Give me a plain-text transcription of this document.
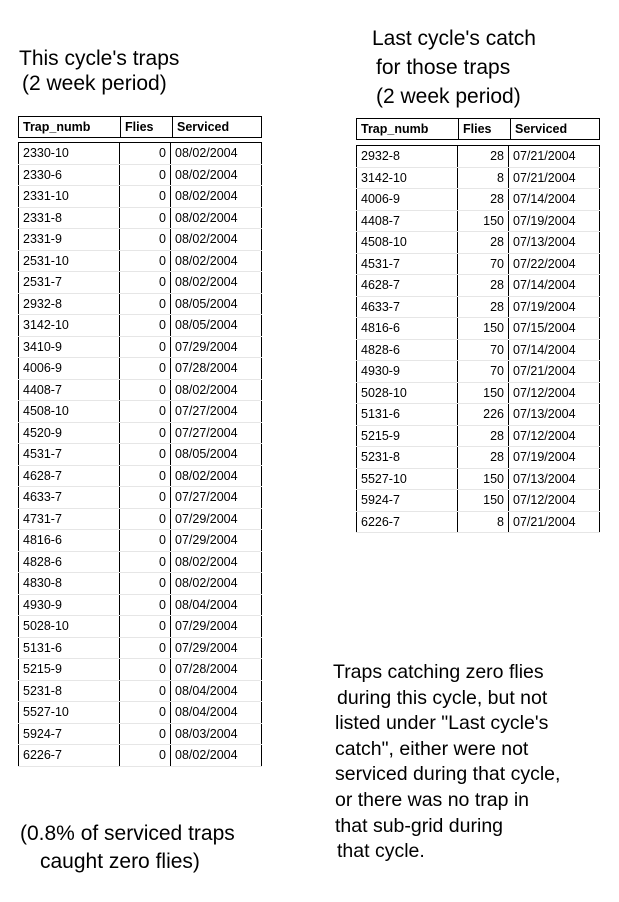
This cycle's traps
(2 week period)
Last cycle's catch
for those traps
(2 week period)
Trap_numb	Flies	Serviced
2330-10	0	08/02/2004
2330-6	0	08/02/2004
2331-10	0	08/02/2004
2331-8	0	08/02/2004
2331-9	0	08/02/2004
2531-10	0	08/02/2004
2531-7	0	08/02/2004
2932-8	0	08/05/2004
3142-10	0	08/05/2004
3410-9	0	07/29/2004
4006-9	0	07/28/2004
4408-7	0	08/02/2004
4508-10	0	07/27/2004
4520-9	0	07/27/2004
4531-7	0	08/05/2004
4628-7	0	08/02/2004
4633-7	0	07/27/2004
4731-7	0	07/29/2004
4816-6	0	07/29/2004
4828-6	0	08/02/2004
4830-8	0	08/02/2004
4930-9	0	08/04/2004
5028-10	0	07/29/2004
5131-6	0	07/29/2004
5215-9	0	07/28/2004
5231-8	0	08/04/2004
5527-10	0	08/04/2004
5924-7	0	08/03/2004
6226-7	0	08/02/2004
Trap_numb	Flies	Serviced
2932-8	28	07/21/2004
3142-10	8	07/21/2004
4006-9	28	07/14/2004
4408-7	150	07/19/2004
4508-10	28	07/13/2004
4531-7	70	07/22/2004
4628-7	28	07/14/2004
4633-7	28	07/19/2004
4816-6	150	07/15/2004
4828-6	70	07/14/2004
4930-9	70	07/21/2004
5028-10	150	07/12/2004
5131-6	226	07/13/2004
5215-9	28	07/12/2004
5231-8	28	07/19/2004
5527-10	150	07/13/2004
5924-7	150	07/12/2004
6226-7	8	07/21/2004
Traps catching zero flies
during this cycle, but not
listed under "Last cycle's
catch", either were not
serviced during that cycle,
or there was no trap in
that sub-grid during
that cycle.
(0.8% of serviced traps
caught zero flies)
